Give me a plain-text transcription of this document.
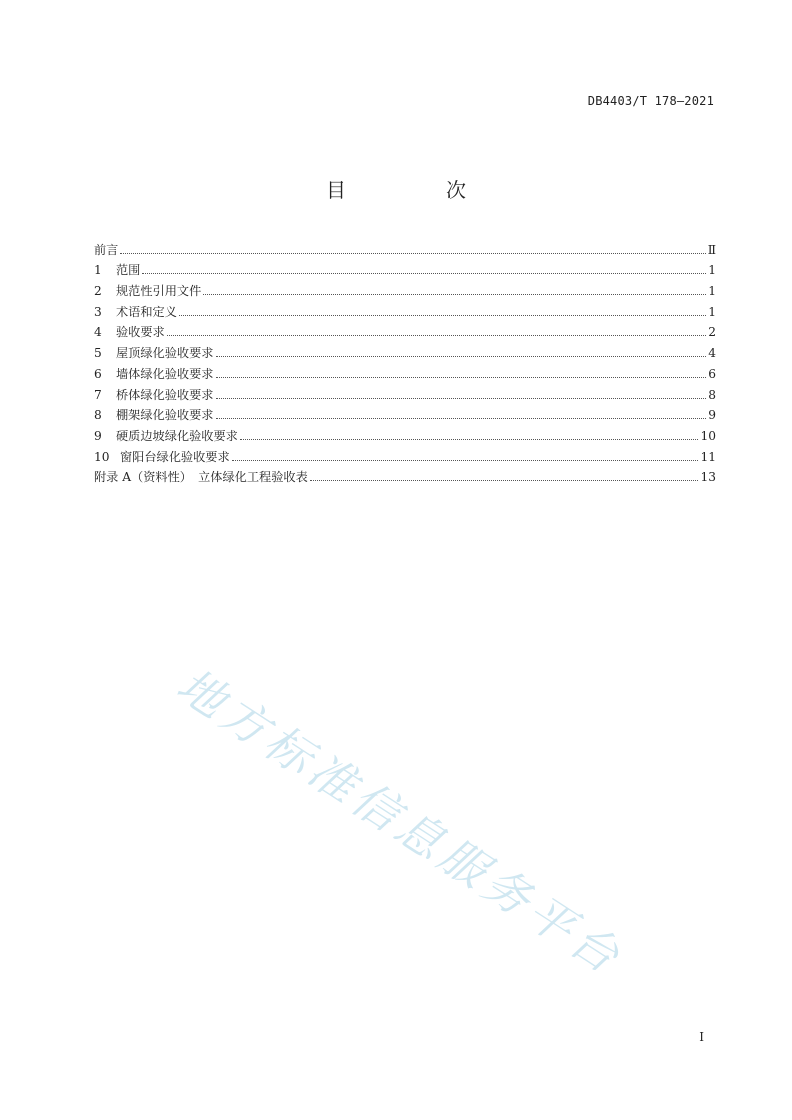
DB4403/T 178—2021
目　次
前言	Ⅱ
1	范围	1
2	规范性引用文件	1
3	术语和定义	1
4	验收要求	2
5	屋顶绿化验收要求	4
6	墙体绿化验收要求	6
7	桥体绿化验收要求	8
8	棚架绿化验收要求	9
9	硬质边坡绿化验收要求	10
10 窗阳台绿化验收要求	11
附录 A（资料性）　立体绿化工程验收表	13
地方标准信息服务平台
I
